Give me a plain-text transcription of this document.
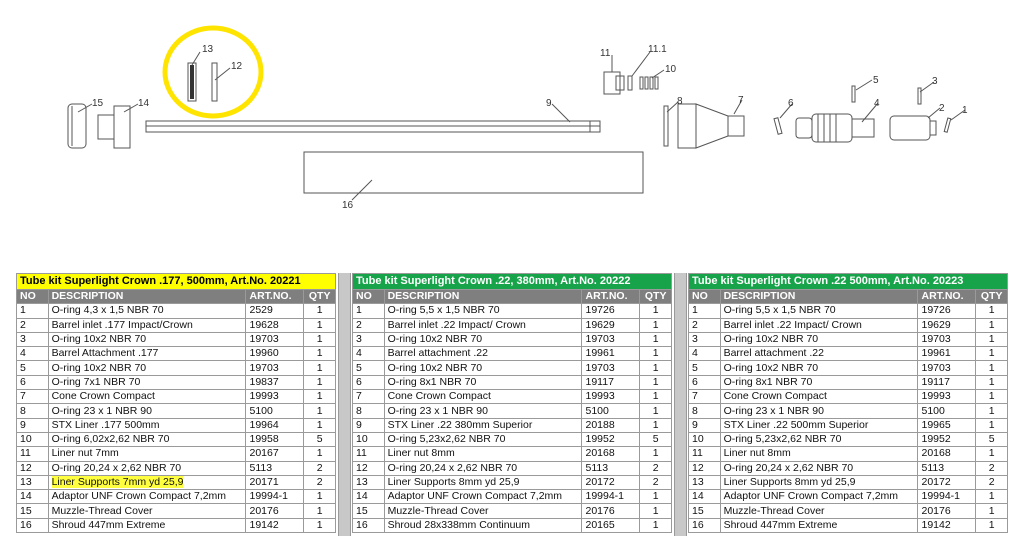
13
12
15	14	9
16
11	11.1
10
8	7	6
5
4
3
2 1
Tube kit Superlight Crown .177, 500mm, Art.No. 20221			
NO	DESCRIPTION	ART.NO.	QTY
1	O-ring 4,3 x 1,5 NBR 70	2529	1
2	Barrel inlet .177 Impact/Crown	19628	1
3	O-ring 10x2 NBR 70	19703	1
4	Barrel Attachment .177	19960	1
5	O-ring 10x2 NBR 70	19703	1
6	O-ring 7x1 NBR 70	19837	1
7	Cone Crown Compact	19993	1
8	O-ring 23 x 1 NBR 90	5100	1
9	STX Liner .177 500mm	19964	1
10	O-ring 6,02x2,62 NBR 70	19958	5
11	Liner nut 7mm	20167	1
12	O-ring 20,24 x 2,62 NBR 70	5113	2
13	Liner Supports 7mm yd 25,9	20171	2
14	Adaptor UNF Crown Compact 7,2mm	19994-1	1
15	Muzzle-Thread Cover	20176	1
16	Shroud 447mm Extreme	19142	1
Tube kit Superlight Crown .22, 380mm, Art.No. 20222			
NO	DESCRIPTION	ART.NO.	QTY
1	O-ring 5,5 x 1,5 NBR 70	19726	1
2	Barrel inlet .22 Impact/ Crown	19629	1
3	O-ring 10x2 NBR 70	19703	1
4	Barrel attachment .22	19961	1
5	O-ring 10x2 NBR 70	19703	1
6	O-ring 8x1 NBR 70	19117	1
7	Cone Crown Compact	19993	1
8	O-ring 23 x 1 NBR 90	5100	1
9	STX Liner .22 380mm Superior	20188	1
10	O-ring 5,23x2,62 NBR 70	19952	5
11	Liner nut 8mm	20168	1
12	O-ring 20,24 x 2,62 NBR 70	5113	2
13	Liner Supports 8mm yd 25,9	20172	2
14	Adaptor UNF Crown Compact 7,2mm	19994-1	1
15	Muzzle-Thread Cover	20176	1
16	Shroud 28x338mm Continuum	20165	1
Tube kit Superlight Crown .22 500mm, Art.No. 20223			
NO	DESCRIPTION	ART.NO.	QTY
1	O-ring 5,5 x 1,5 NBR 70	19726	1
2	Barrel inlet .22 Impact/ Crown	19629	1
3	O-ring 10x2 NBR 70	19703	1
4	Barrel attachment .22	19961	1
5	O-ring 10x2 NBR 70	19703	1
6	O-ring 8x1 NBR 70	19117	1
7	Cone Crown Compact	19993	1
8	O-ring 23 x 1 NBR 90	5100	1
9	STX Liner .22 500mm Superior	19965	1
10	O-ring 5,23x2,62 NBR 70	19952	5
11	Liner nut 8mm	20168	1
12	O-ring 20,24 x 2,62 NBR 70	5113	2
13	Liner Supports 8mm yd 25,9	20172	2
14	Adaptor UNF Crown Compact 7,2mm	19994-1	1
15	Muzzle-Thread Cover	20176	1
16	Shroud 447mm Extreme	19142	1
